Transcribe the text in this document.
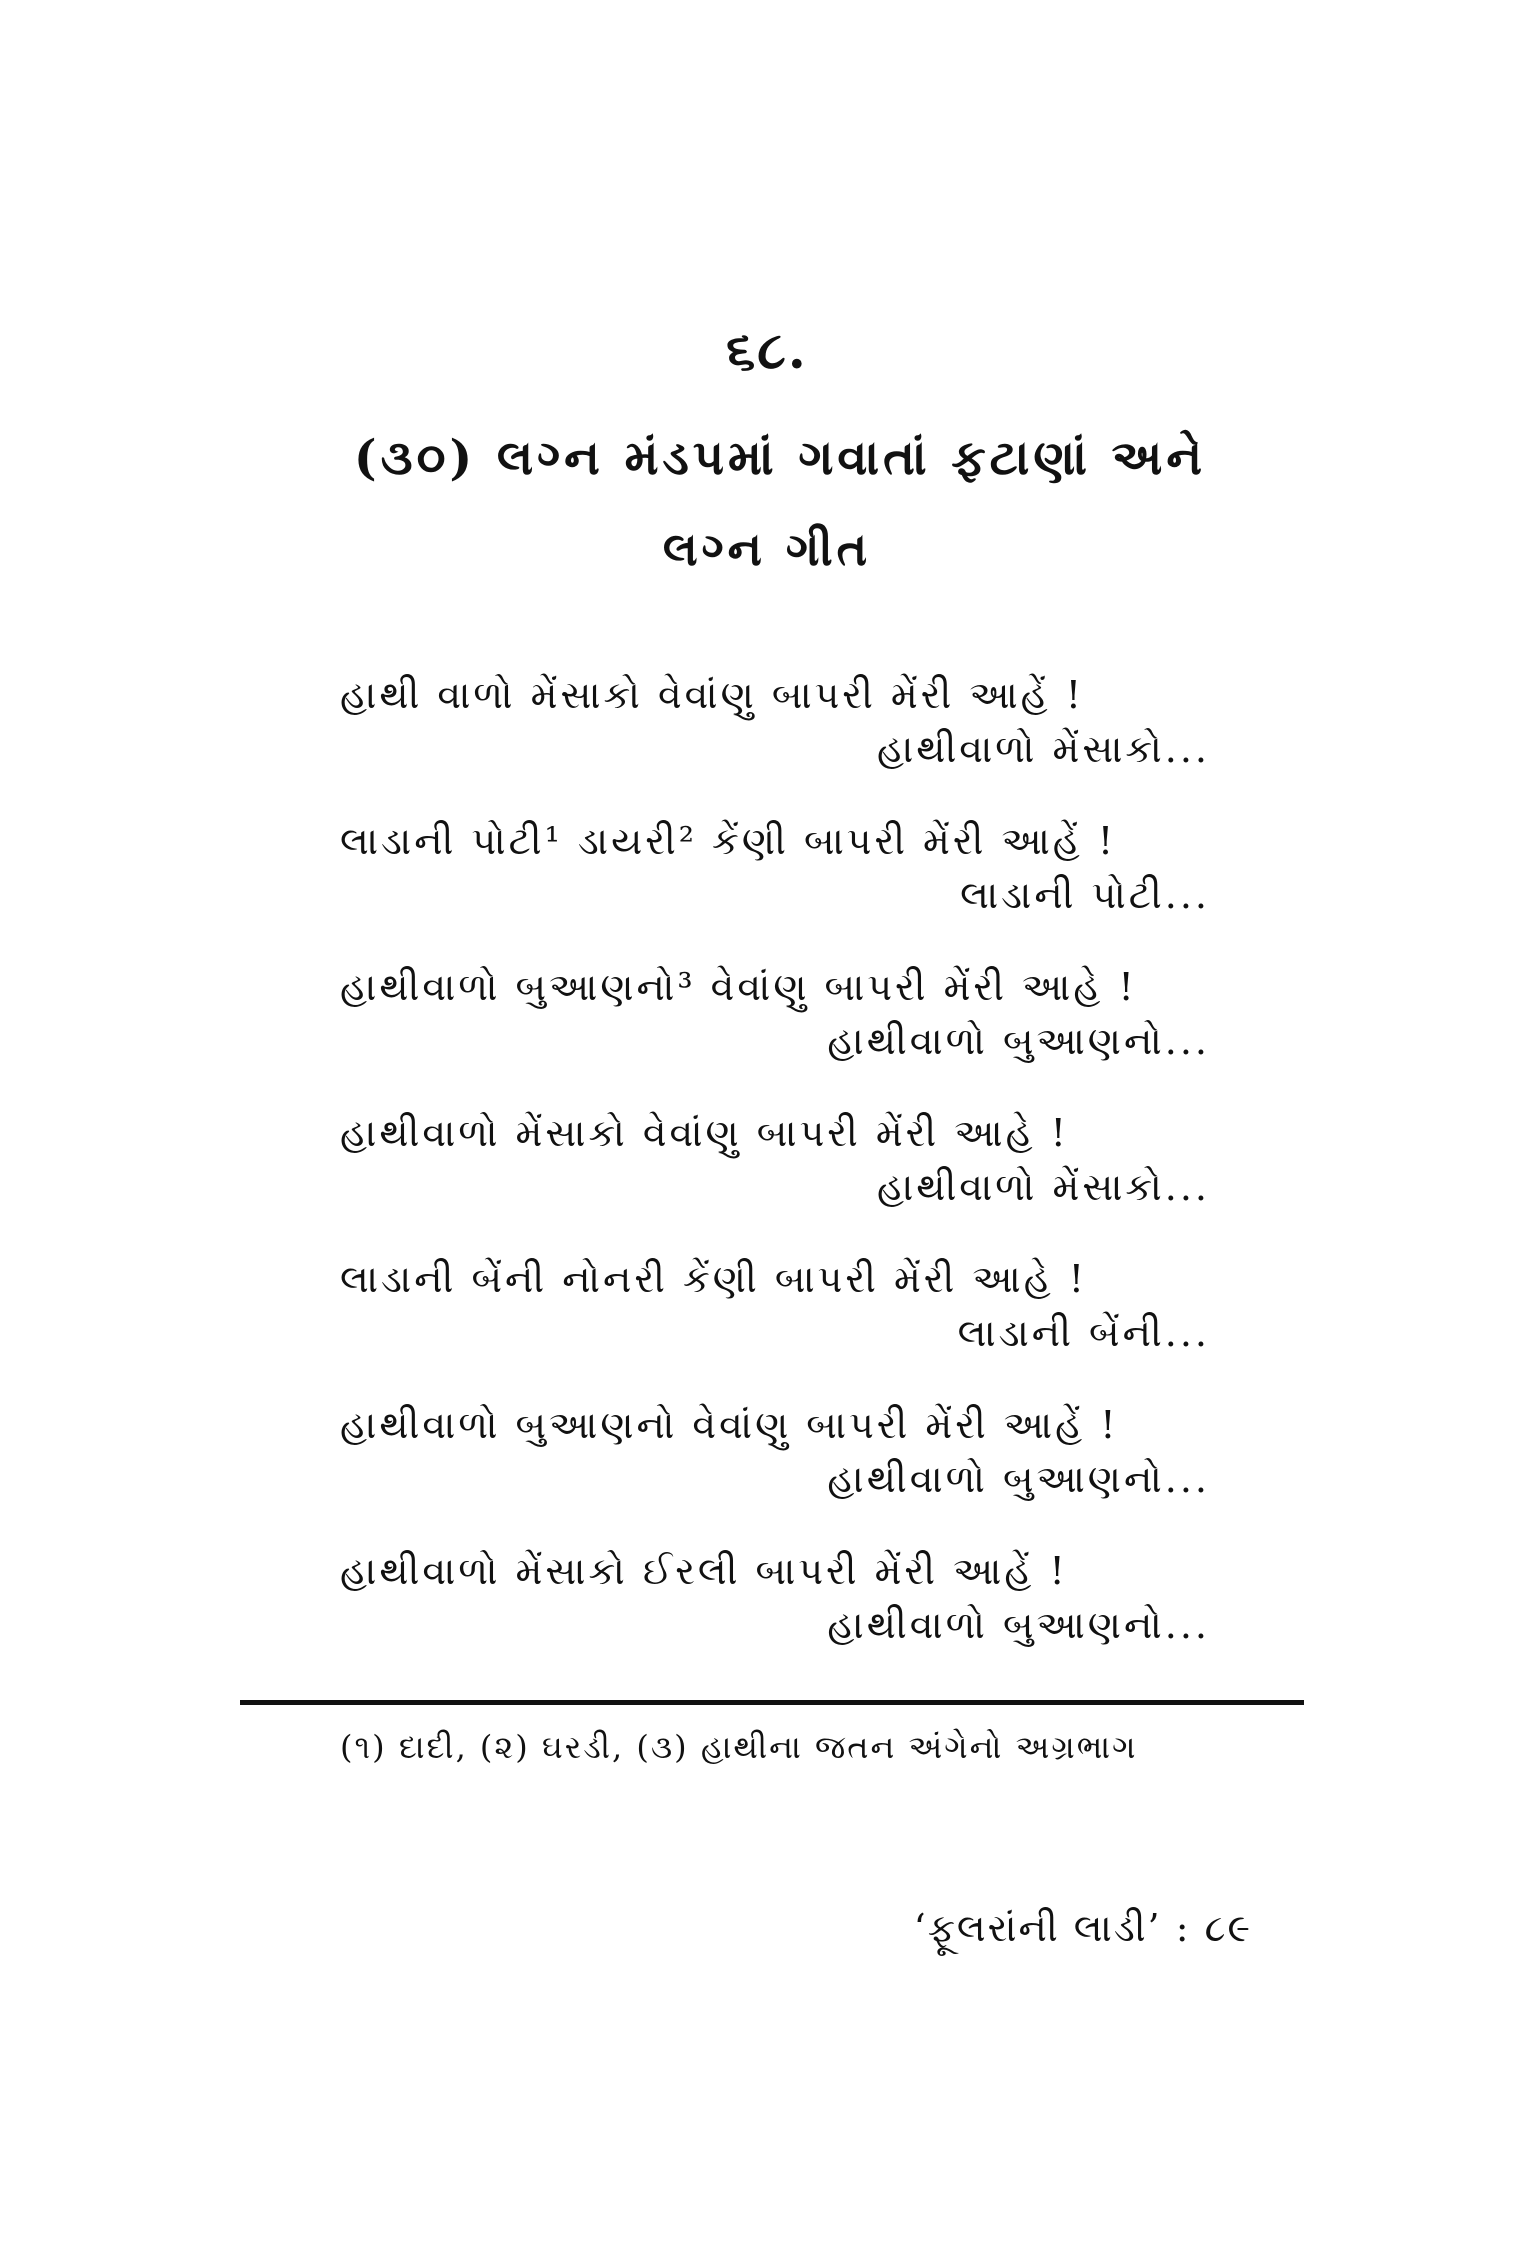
૬૮.
(૩૦) લગ્ન મંડપમાં ગવાતાં ફટાણાં અને
લગ્ન ગીત
હાથી વાળો મેંસાકો વેવાંણુ બાપરી મેંરી આહેં !
હાથીવાળો મેંસાકો...
લાડાની પોટી¹ ડાયરી² કેંણી બાપરી મેંરી આહેં !
લાડાની પોટી...
હાથીવાળો બુઆણનો³ વેવાંણુ બાપરી મેંરી આહે !
હાથીવાળો બુઆણનો...
હાથીવાળો મેંસાકો વેવાંણુ બાપરી મેંરી આહે !
હાથીવાળો મેંસાકો...
લાડાની બેંની નોનરી કેંણી બાપરી મેંરી આહે !
લાડાની બેંની...
હાથીવાળો બુઆણનો વેવાંણુ બાપરી મેંરી આહેં !
હાથીવાળો બુઆણનો...
હાથીવાળો મેંસાકો ઈરલી બાપરી મેંરી આહેં !
હાથીવાળો બુઆણનો...
(૧) દાદી, (૨) ઘરડી, (૩) હાથીના જતન અંગેનો અગ્રભાગ
‘ફૂલરાંની લાડી’ : ૮૯
